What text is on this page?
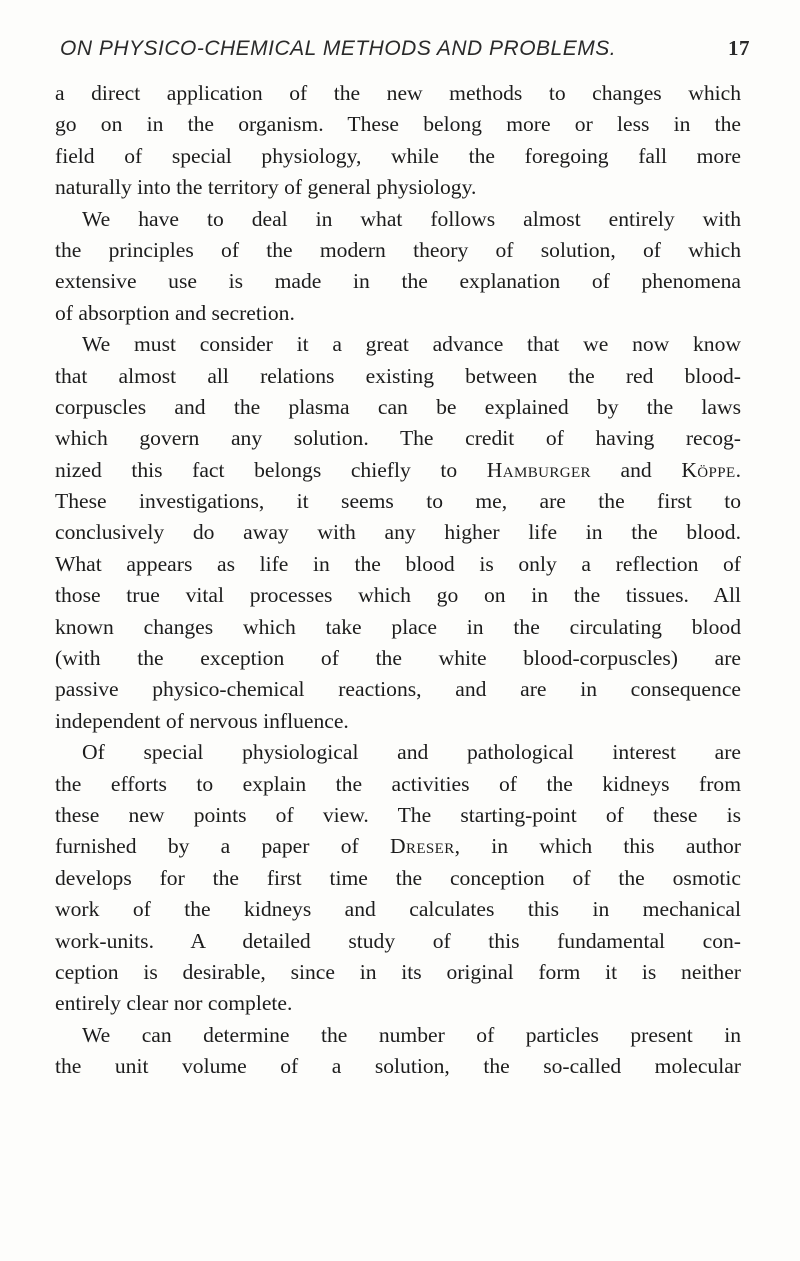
ON PHYSICO-CHEMICAL METHODS AND PROBLEMS.	17
a direct application of the new methods to changes which
go on in the organism. These belong more or less in the
field of special physiology, while the foregoing fall more
naturally into the territory of general physiology.
We have to deal in what follows almost entirely with
the principles of the modern theory of solution, of which
extensive use is made in the explanation of phenomena
of absorption and secretion.
We must consider it a great advance that we now know
that almost all relations existing between the red blood-
corpuscles and the plasma can be explained by the laws
which govern any solution. The credit of having recog-
nized this fact belongs chiefly to Hamburger and Köppe.
These investigations, it seems to me, are the first to
conclusively do away with any higher life in the blood.
What appears as life in the blood is only a reflection of
those true vital processes which go on in the tissues. All
known changes which take place in the circulating blood
(with the exception of the white blood-corpuscles) are
passive physico-chemical reactions, and are in consequence
independent of nervous influence.
Of special physiological and pathological interest are
the efforts to explain the activities of the kidneys from
these new points of view. The starting-point of these is
furnished by a paper of Dreser, in which this author
develops for the first time the conception of the osmotic
work of the kidneys and calculates this in mechanical
work-units. A detailed study of this fundamental con-
ception is desirable, since in its original form it is neither
entirely clear nor complete.
We can determine the number of particles present in
the unit volume of a solution, the so-called molecular
